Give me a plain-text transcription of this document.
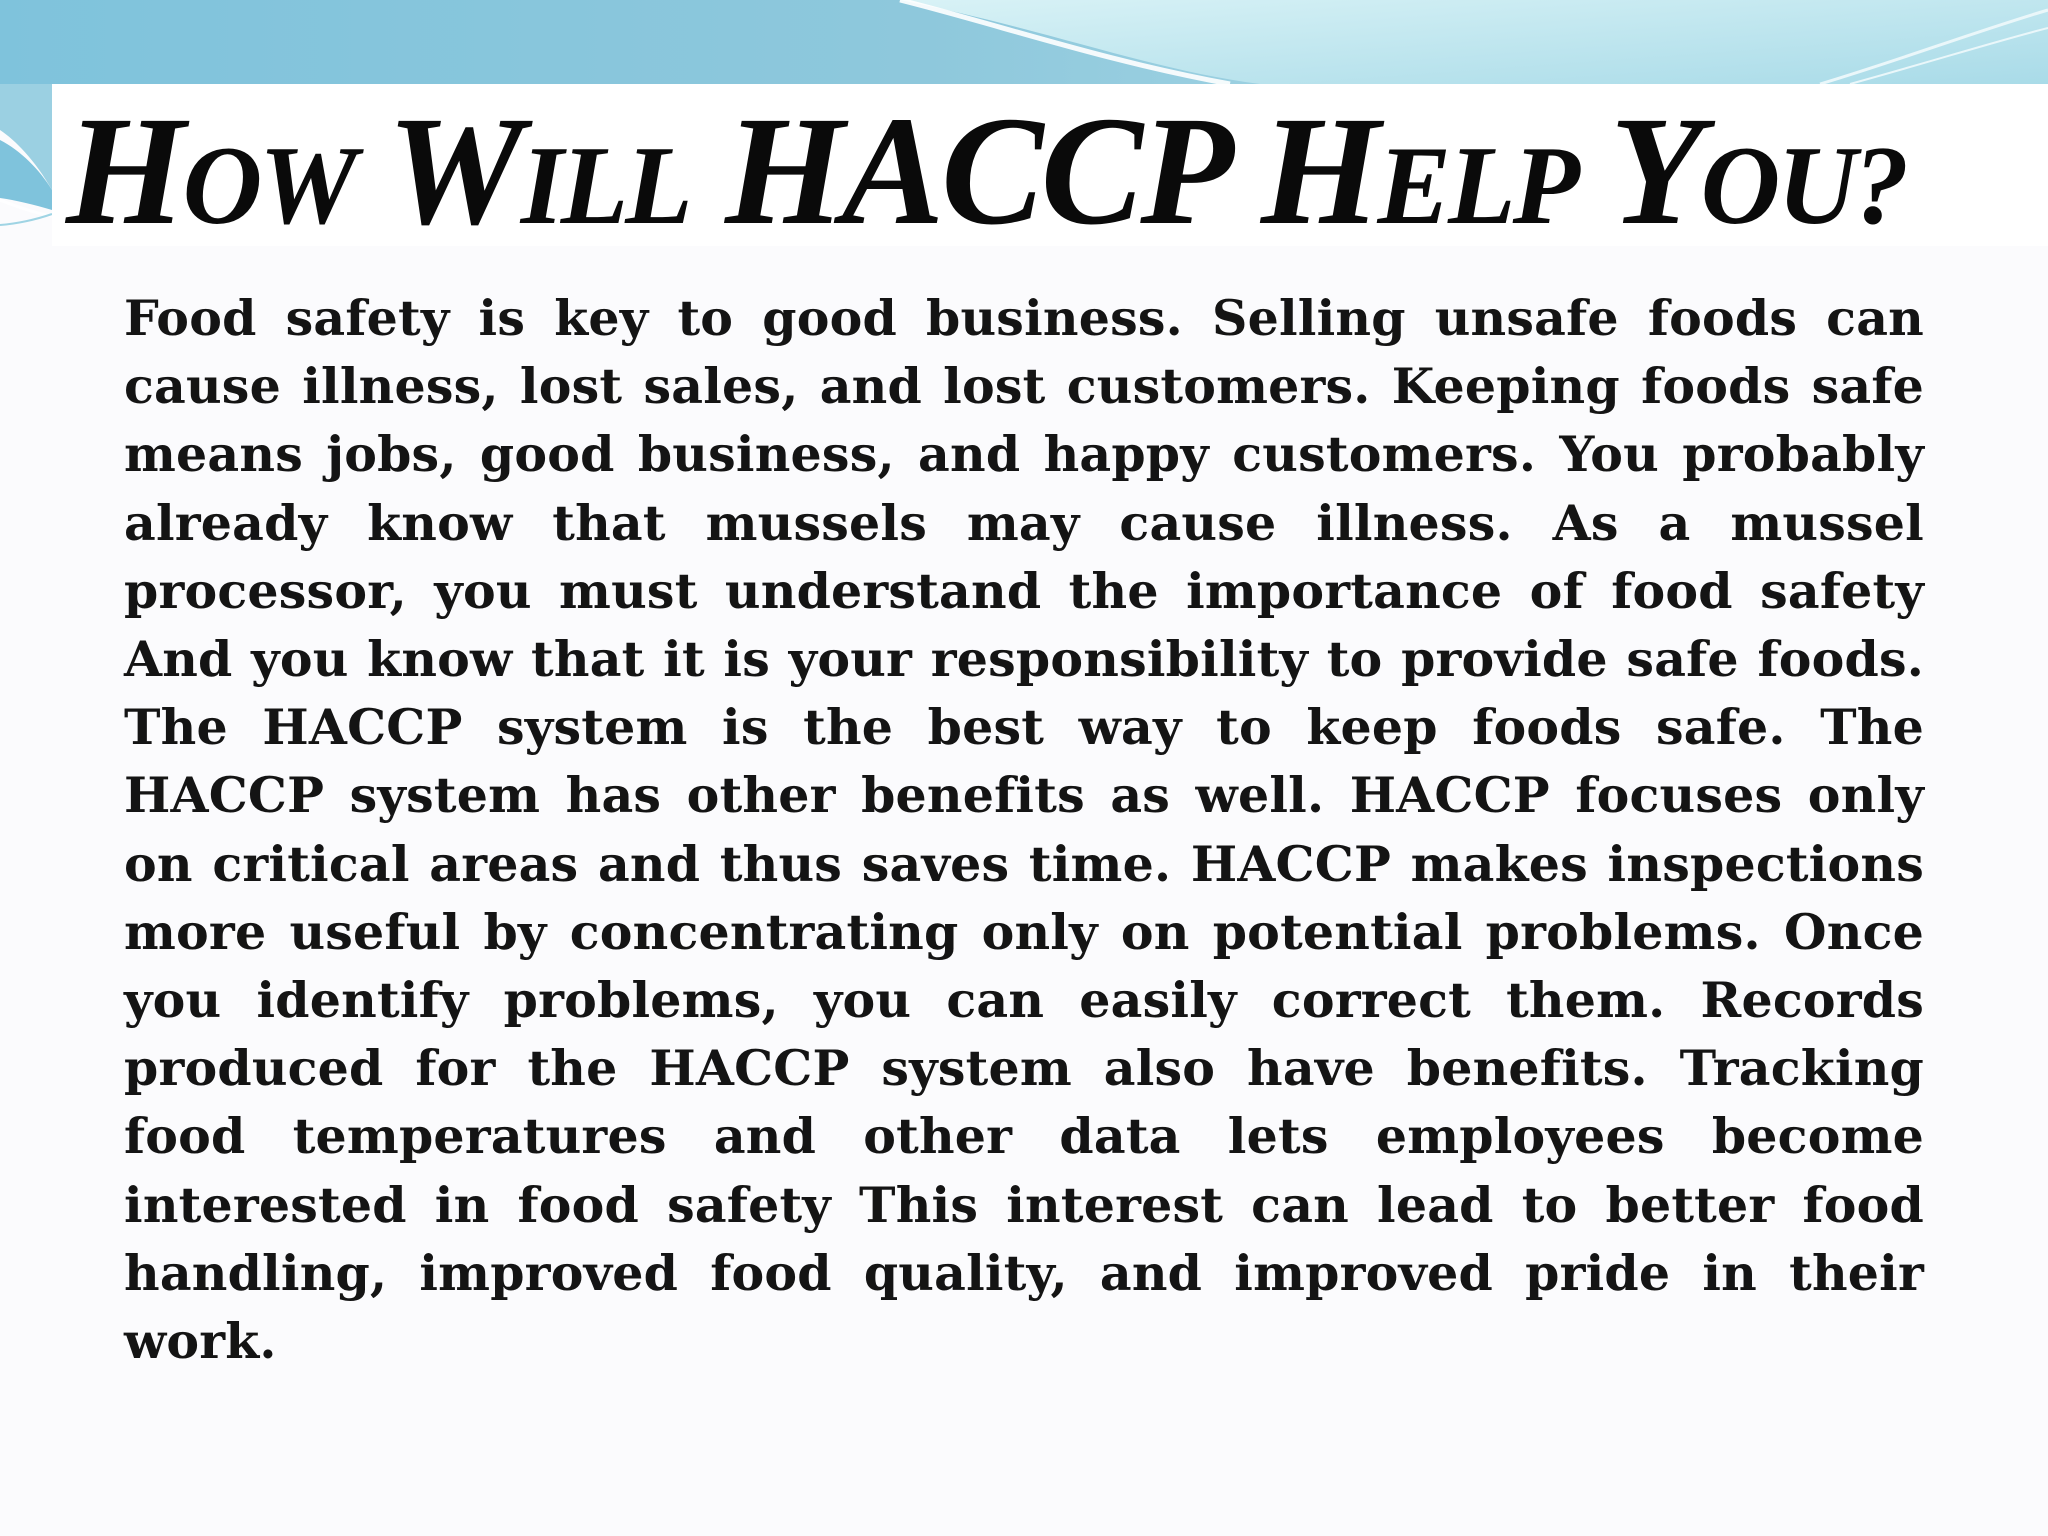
HOW WILL HACCP HELP YOU?

Food safety is key to good business. Selling unsafe foods can cause illness, lost sales, and lost customers. Keeping foods safe means jobs, good business, and happy customers. You probably already know that mussels may cause illness. As a mussel processor, you must understand the importance of food safety And you know that it is your responsibility to provide safe foods. The HACCP system is the best way to keep foods safe. The HACCP system has other benefits as well. HACCP focuses only on critical areas and thus saves time. HACCP makes inspections more useful by concentrating only on potential problems. Once you identify problems, you can easily correct them. Records produced for the HACCP system also have benefits. Tracking food temperatures and other data lets employees become interested in food safety This interest can lead to better food handling, improved food quality, and improved pride in their work.
